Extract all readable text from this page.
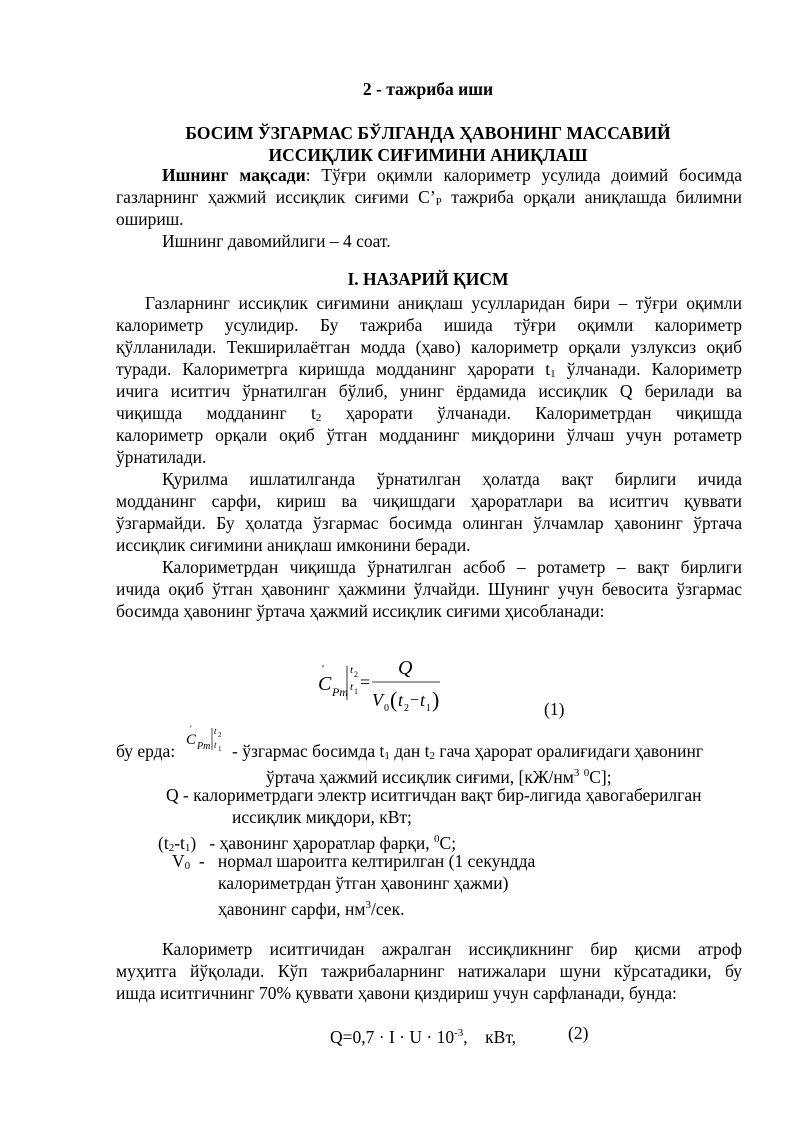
2 - тажриба иши
БОСИМ ЎЗГАРМАС БЎЛГАНДА ҲАВОНИНГ МАССАВИЙ
ИССИҚЛИК СИҒИМИНИ АНИҚЛАШ
Ишнинг мақсади: Тўғри оқимли калориметр усулида доимий босимда
газларнинг ҳажмий иссиқлик сиғими С’Р тажриба орқали аниқлашда билимни
ошириш.
Ишнинг давомийлиги – 4 соат.
I. НАЗАРИЙ ҚИСМ
Газларнинг иссиқлик сиғимини аниқлаш усулларидан бири – тўғри оқимли
калориметр усулидир. Бу тажриба ишида тўғри оқимли калориметр
қўлланилади. Текширилаётган модда (ҳаво) калориметр орқали узлуксиз оқиб
туради. Калориметрга киришда модданинг ҳарорати t1 ўлчанади. Калориметр
ичига иситгич ўрнатилган бўлиб, унинг ёрдамида иссиқлик Q берилади ва
чиқишда модданинг t2 ҳарорати ўлчанади. Калориметрдан чиқишда
калориметр орқали оқиб ўтган модданинг миқдорини ўлчаш учун ротаметр
ўрнатилади.
Қурилма ишлатилганда ўрнатилган ҳолатда вақт бирлиги ичида
модданинг сарфи, кириш ва чиқишдаги ҳароратлари ва иситгич қуввати
ўзгармайди. Бу ҳолатда ўзгармас босимда олинган ўлчамлар ҳавонинг ўртача
иссиқлик сиғимини аниқлаш имконини беради.
Калориметрдан чиқишда ўрнатилган асбоб – ротаметр – вақт бирлиги
ичида оқиб ўтган ҳавонинг ҳажмини ўлчайди. Шунинг учун бевосита ўзгармас
босимда ҳавонинг ўртача ҳажмий иссиқлик сиғими ҳисобланади:
C
′
Pm
t 2
t 1 =
Q
V 0 ( t 2 − t 1 )	(1)
бу ерда:
C
′
Pm
t 2
t 1 - ўзгармас босимда t1 дан t2 гача ҳарорат оралиғидаги ҳавонинг
ўртача ҳажмий иссиқлик сиғими, [$кЖ/нм^3$ $^0$С];
Q - калориметрдаги электр иситгичдан вақт бир-лигида ҳавогаберилган
иссиқлик миқдори, кВт;
(t2-t1)   - ҳавонинг ҳароратлар фарқи, $^0$С;
V0  -   нормал шароитга келтирилган (1 секундда
калориметрдан ўтган ҳавонинг ҳажми)
ҳавонинг сарфи, $нм^3$/сек.
Калориметр иситгичидан ажралган иссиқликнинг бир қисми атроф
муҳитга йўқолади. Кўп тажрибаларнинг натижалари шуни кўрсатадики, бу
ишда иситгичнинг 70% қуввати ҳавони қиздириш учун сарфланади, бунда:
$Q=0,7 \cdot I \cdot U \cdot 10^{-3}$,    кВт,	(2)
